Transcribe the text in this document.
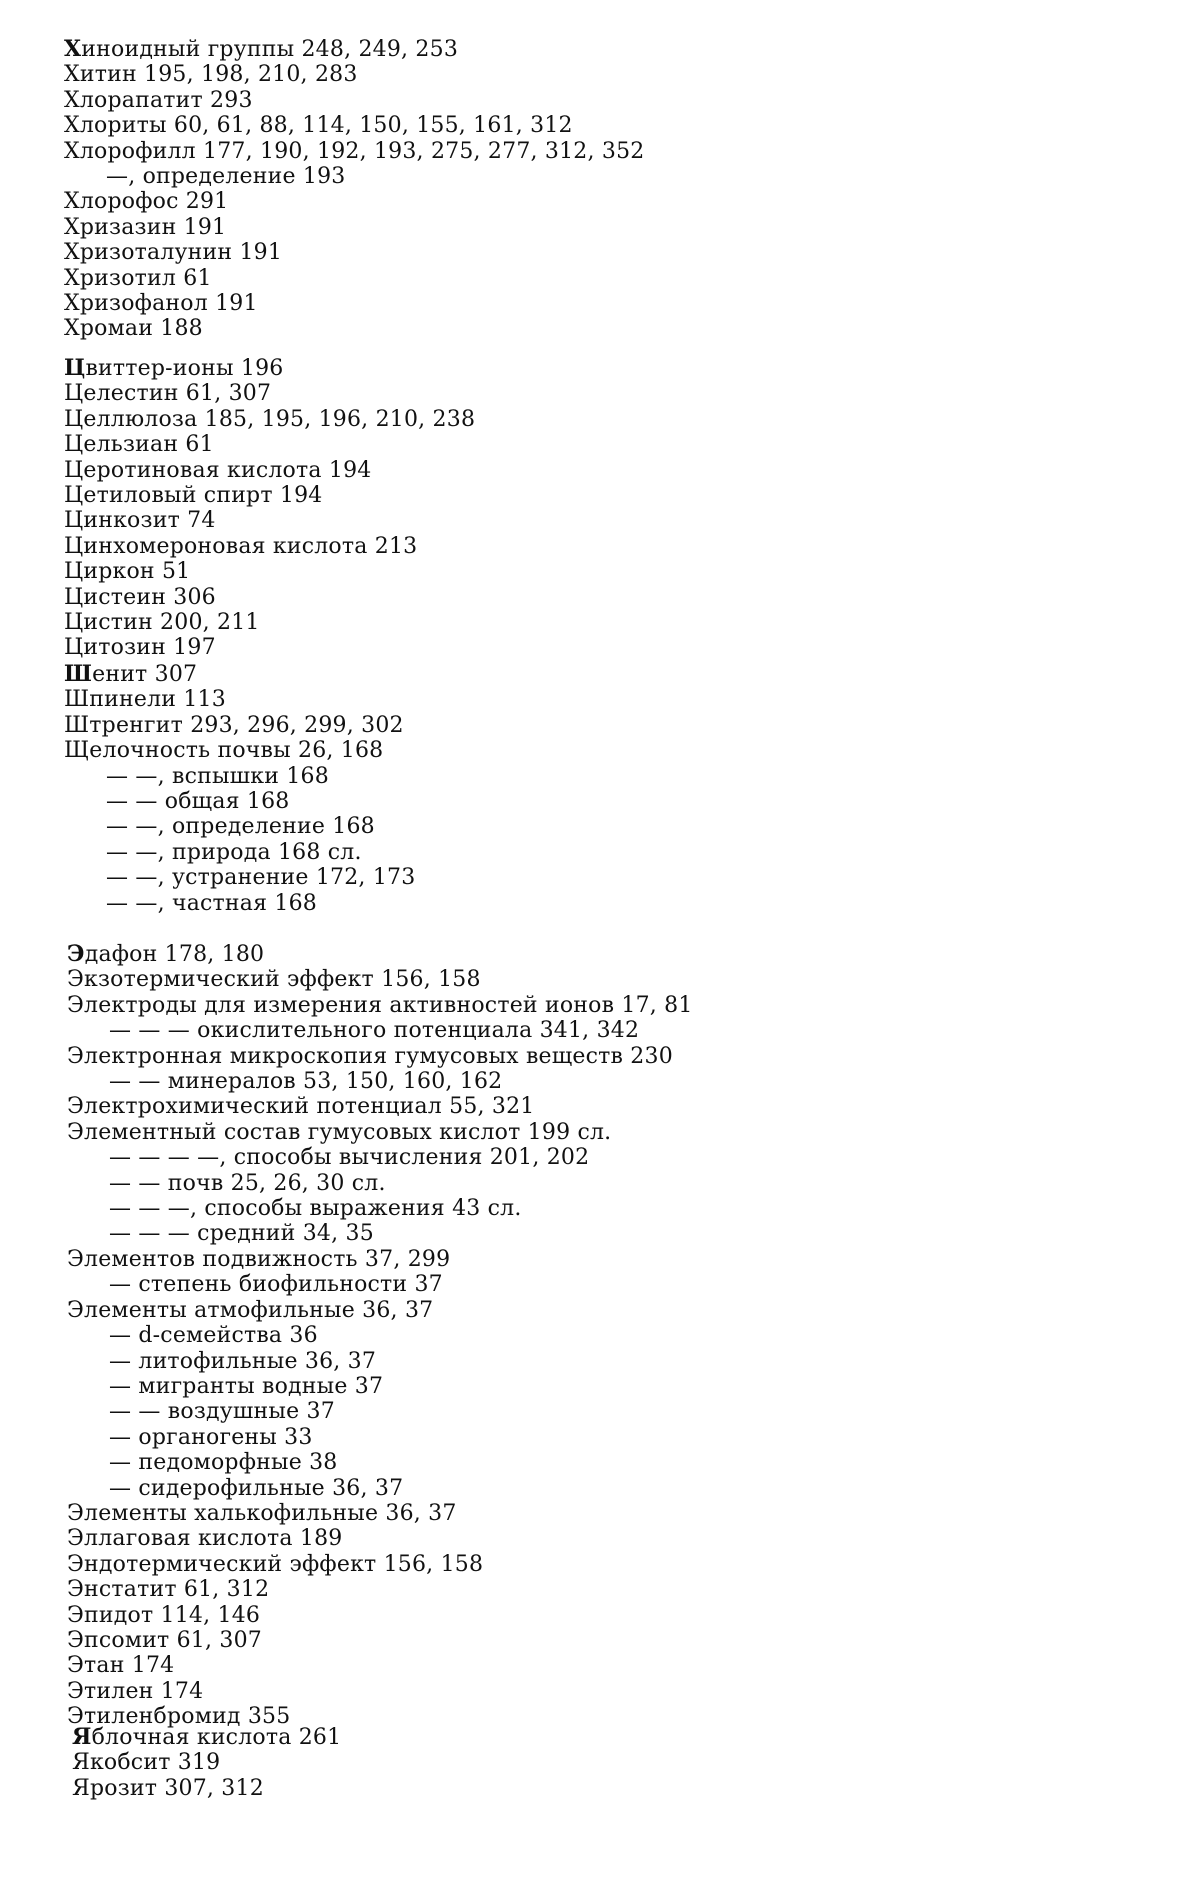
Хиноидный группы 248, 249, 253
Хитин 195, 198, 210, 283
Хлорапатит 293
Хлориты 60, 61, 88, 114, 150, 155, 161, 312
Хлорофилл 177, 190, 192, 193, 275, 277, 312, 352
—, определение 193
Хлорофос 291
Хризазин 191
Хризоталунин 191
Хризотил 61
Хризофанол 191
Хромаи 188
Цвиттер-ионы 196
Целестин 61, 307
Целлюлоза 185, 195, 196, 210, 238
Цельзиан 61
Церотиновая кислота 194
Цетиловый спирт 194
Цинкозит 74
Цинхомероновая кислота 213
Циркон 51
Цистеин 306
Цистин 200, 211
Цитозин 197
Шенит 307
Шпинели 113
Штренгит 293, 296, 299, 302
Щелочность почвы 26, 168
— —, вспышки 168
— — общая 168
— —, определение 168
— —, природа 168 сл.
— —, устранение 172, 173
— —, частная 168
Эдафон 178, 180
Экзотермический эффект 156, 158
Электроды для измерения активностей ионов 17, 81
— — — окислительного потенциала 341, 342
Электронная микроскопия гумусовых веществ 230
— — минералов 53, 150, 160, 162
Электрохимический потенциал 55, 321
Элементный состав гумусовых кислот 199 сл.
— — — —, способы вычисления 201, 202
— — почв 25, 26, 30 сл.
— — —, способы выражения 43 сл.
— — — средний 34, 35
Элементов подвижность 37, 299
— степень биофильности 37
Элементы атмофильные 36, 37
— d-семейства 36
— литофильные 36, 37
— мигранты водные 37
— — воздушные 37
— органогены 33
— педоморфные 38
— сидерофильные 36, 37
Элементы халькофильные 36, 37
Эллаговая кислота 189
Эндотермический эффект 156, 158
Энстатит 61, 312
Эпидот 114, 146
Эпсомит 61, 307
Этан 174
Этилен 174
Этиленбромид 355
Яблочная кислота 261
Якобсит 319
Ярозит 307, 312
